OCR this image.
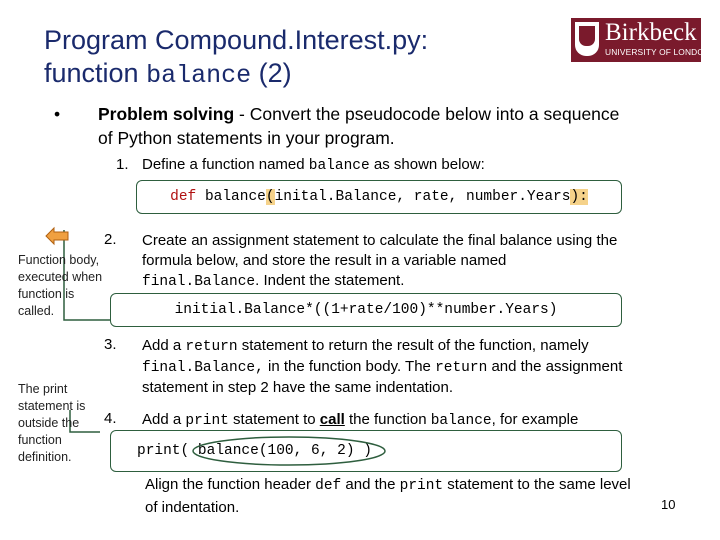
Program Compound.Interest.py:
function balance (2)
Birkbeck
UNIVERSITY OF LONDON
•	Problem solving - Convert the pseudocode below into a sequence of Python statements in your program.
1. Define a function named balance as shown below:
def balance(inital.Balance, rate, number.Years):
2. Create an assignment statement to calculate the final balance using the formula below, and store the result in a variable named
final.Balance. Indent the statement.
initial.Balance*((1+rate/100)**number.Years)
3. Add a return statement to return the result of the function, namely final.Balance, in the function body. The return and the assignment statement in step 2 have the same indentation.
4. Add a print statement to call the function balance, for example
print( balance(100, 6, 2) )
Align the function header def and the print statement to the same level of indentation.
Function body, executed when function is called.
The print statement is outside the function definition.
10
